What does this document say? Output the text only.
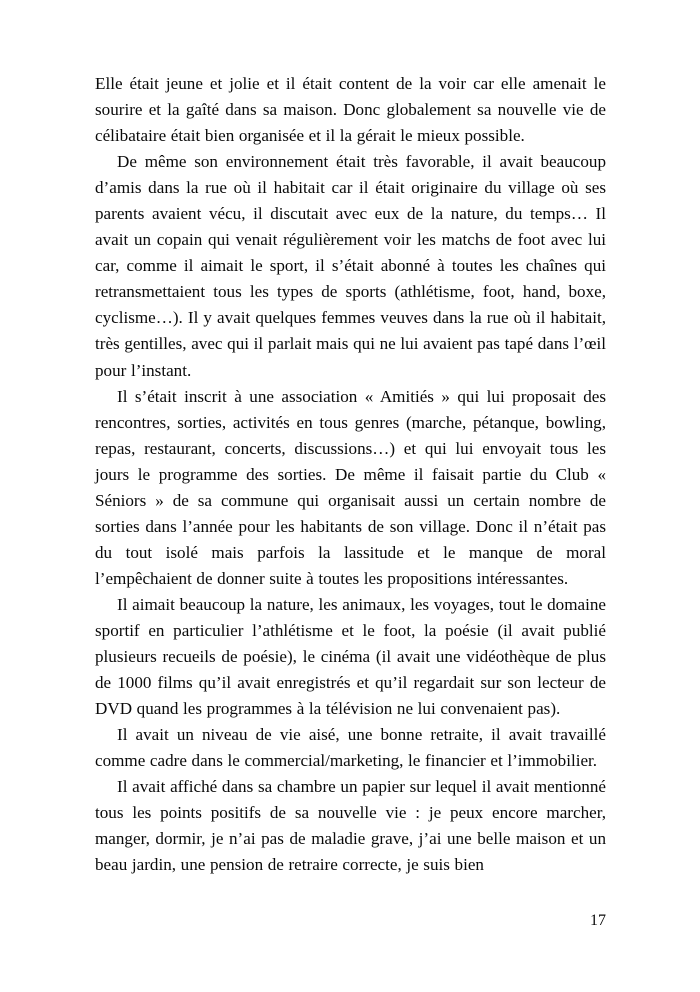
Elle était jeune et jolie et il était content de la voir car elle amenait le sourire et la gaîté dans sa maison. Donc globalement sa nouvelle vie de célibataire était bien organisée et il la gérait le mieux possible.

De même son environnement était très favorable, il avait beaucoup d’amis dans la rue où il habitait car il était originaire du village où ses parents avaient vécu, il discutait avec eux de la nature, du temps… Il avait un copain qui venait régulièrement voir les matchs de foot avec lui car, comme il aimait le sport, il s’était abonné à toutes les chaînes qui retransmettaient tous les types de sports (athlétisme, foot, hand, boxe, cyclisme…). Il y avait quelques femmes veuves dans la rue où il habitait, très gentilles, avec qui il parlait mais qui ne lui avaient pas tapé dans l’œil pour l’instant.

Il s’était inscrit à une association « Amitiés » qui lui proposait des rencontres, sorties, activités en tous genres (marche, pétanque, bowling, repas, restaurant, concerts, discussions…) et qui lui envoyait tous les jours le programme des sorties. De même il faisait partie du Club « Séniors » de sa commune qui organisait aussi un certain nombre de sorties dans l’année pour les habitants de son village. Donc il n’était pas du tout isolé mais parfois la lassitude et le manque de moral l’empêchaient de donner suite à toutes les propositions intéressantes.

Il aimait beaucoup la nature, les animaux, les voyages, tout le domaine sportif en particulier l’athlétisme et le foot, la poésie (il avait publié plusieurs recueils de poésie), le cinéma (il avait une vidéothèque de plus de 1000 films qu’il avait enregistrés et qu’il regardait sur son lecteur de DVD quand les programmes à la télévision ne lui convenaient pas).

Il avait un niveau de vie aisé, une bonne retraite, il avait travaillé comme cadre dans le commercial/marketing, le financier et l’immobilier.

Il avait affiché dans sa chambre un papier sur lequel il avait mentionné tous les points positifs de sa nouvelle vie : je peux encore marcher, manger, dormir, je n’ai pas de maladie grave, j’ai une belle maison et un beau jardin, une pension de retraire correcte, je suis bien

17
